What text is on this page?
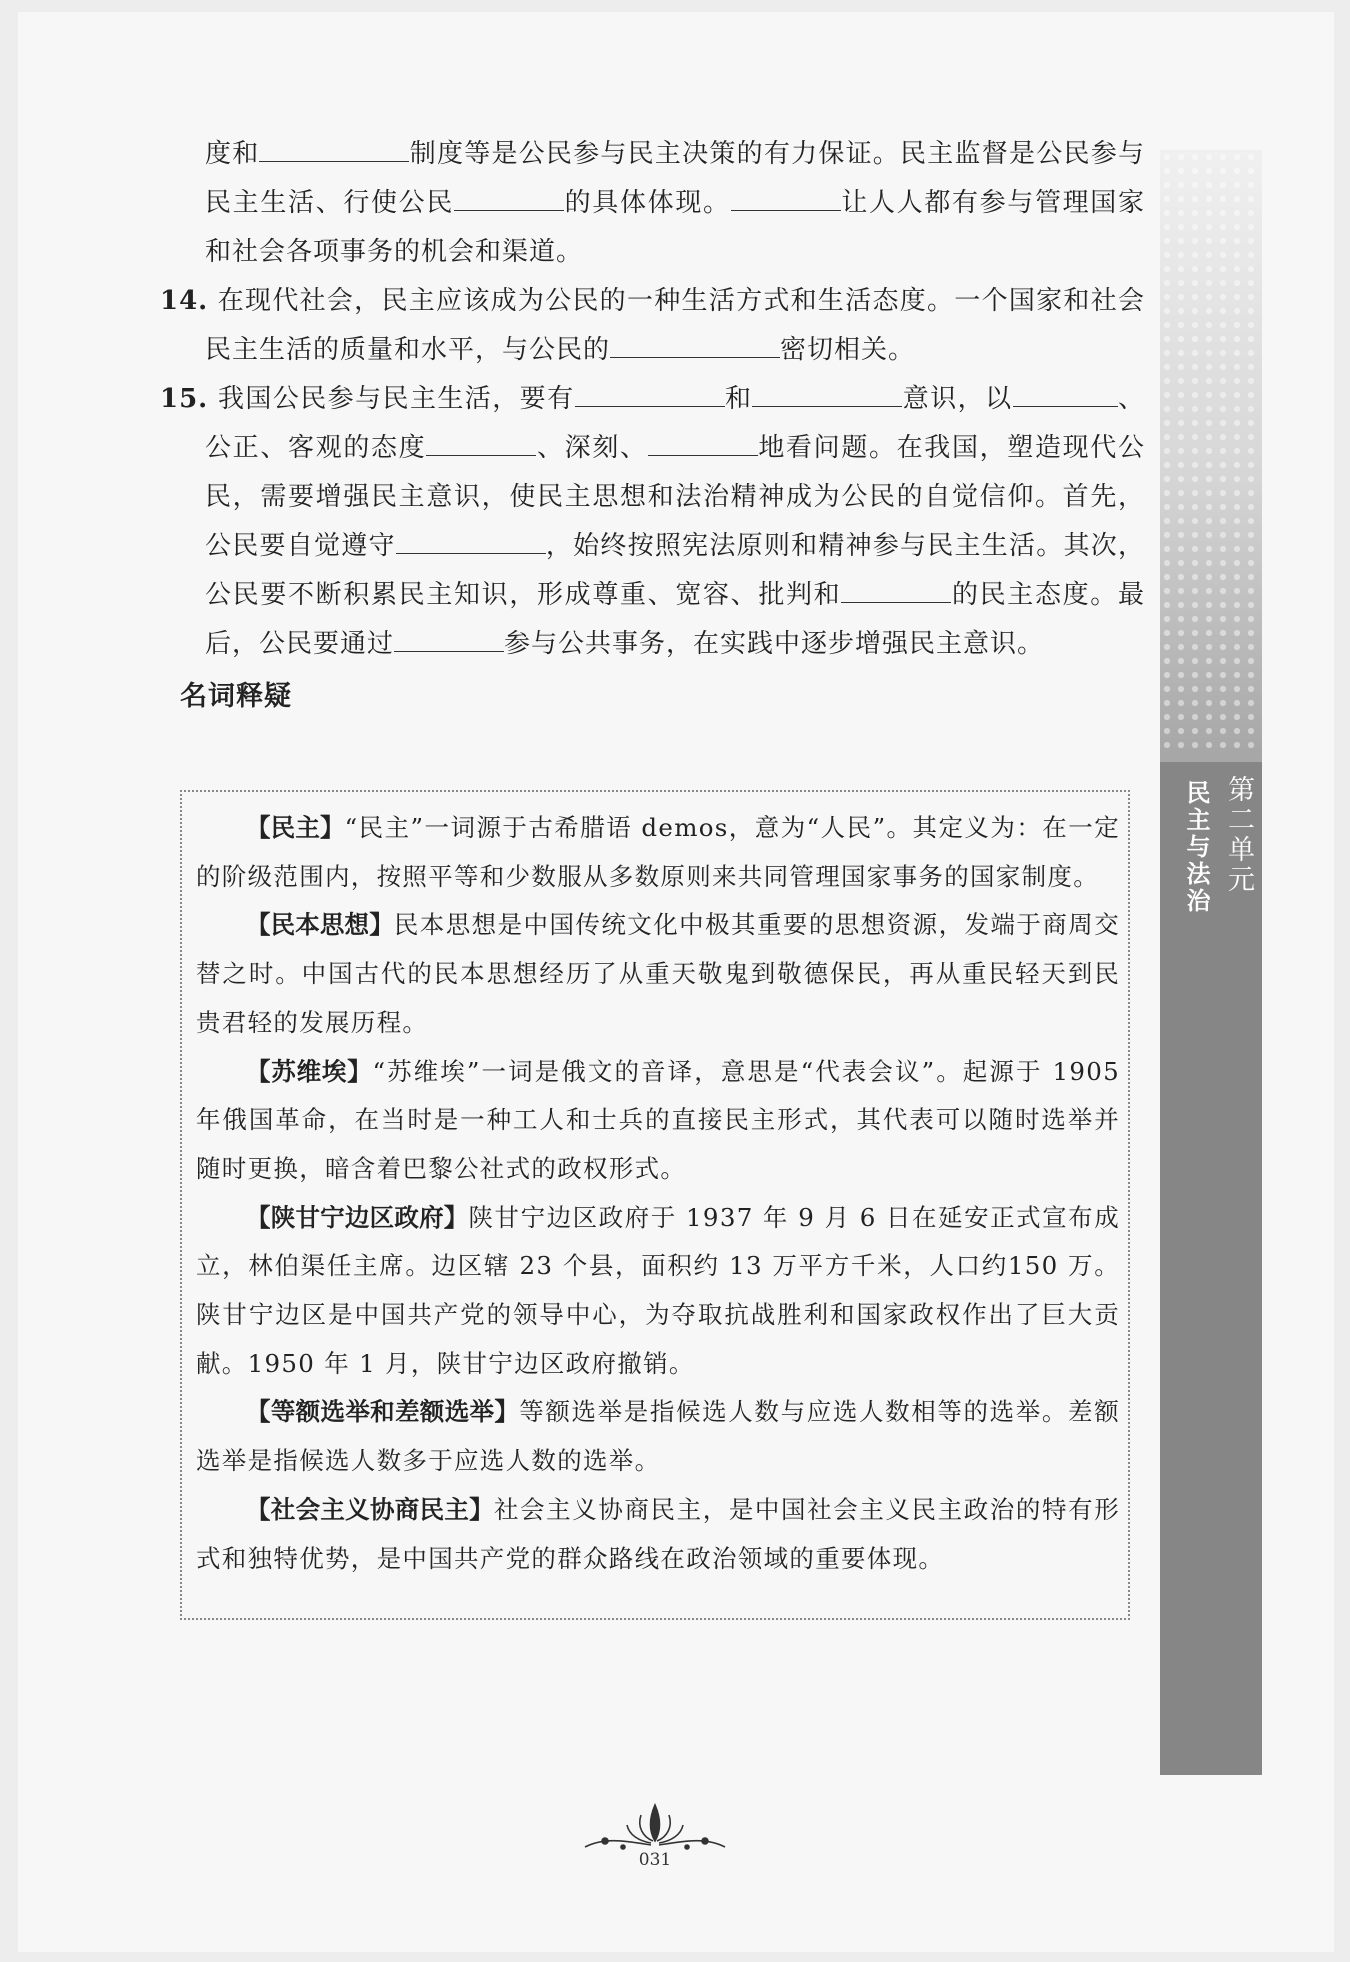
第二单元
民主与法治
度和	制度等是公民参与民主决策的有力保证。民主监督是公民参与民主生活、行使公民	的具体体现。	让人人都有参与管理国家和社会各项事务的机会和渠道。
14. 在现代社会，民主应该成为公民的一种生活方式和生活态度。一个国家和社会民主生活的质量和水平，与公民的	密切相关。
15. 我国公民参与民主生活，要有	和	意识，以	、公正、客观的态度	、深刻、	地看问题。在我国，塑造现代公民，需要增强民主意识，使民主思想和法治精神成为公民的自觉信仰。首先，公民要自觉遵守	，始终按照宪法原则和精神参与民主生活。其次，公民要不断积累民主知识，形成尊重、宽容、批判和	的民主态度。最后，公民要通过	参与公共事务，在实践中逐步增强民主意识。
名词释疑

【民主】“民主”一词源于古希腊语 demos，意为“人民”。其定义为：在一定的阶级范围内，按照平等和少数服从多数原则来共同管理国家事务的国家制度。

【民本思想】民本思想是中国传统文化中极其重要的思想资源，发端于商周交替之时。中国古代的民本思想经历了从重天敬鬼到敬德保民，再从重民轻天到民贵君轻的发展历程。

【苏维埃】“苏维埃”一词是俄文的音译，意思是“代表会议”。起源于 1905 年俄国革命，在当时是一种工人和士兵的直接民主形式，其代表可以随时选举并随时更换，暗含着巴黎公社式的政权形式。

【陕甘宁边区政府】陕甘宁边区政府于 1937 年 9 月 6 日在延安正式宣布成立，林伯渠任主席。边区辖 23 个县，面积约 13 万平方千米，人口约150 万。陕甘宁边区是中国共产党的领导中心，为夺取抗战胜利和国家政权作出了巨大贡献。1950 年 1 月，陕甘宁边区政府撤销。

【等额选举和差额选举】等额选举是指候选人数与应选人数相等的选举。差额选举是指候选人数多于应选人数的选举。

【社会主义协商民主】社会主义协商民主，是中国社会主义民主政治的特有形式和独特优势，是中国共产党的群众路线在政治领域的重要体现。

031
